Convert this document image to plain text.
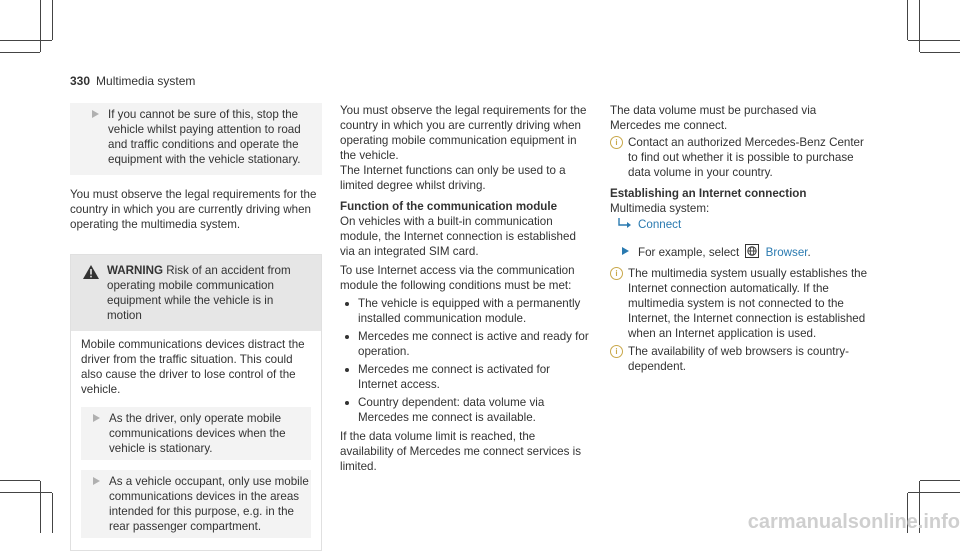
330 Multimedia system

If you cannot be sure of this, stop the vehicle whilst paying attention to road and traffic conditions and operate the equipment with the vehicle stationary.

You must observe the legal requirements for the country in which you are currently driving when operating the multimedia system.

WARNING Risk of an accident from operating mobile communication equipment while the vehicle is in motion

Mobile communications devices distract the driver from the traffic situation. This could also cause the driver to lose control of the vehicle.

As the driver, only operate mobile communications devices when the vehicle is stationary.

As a vehicle occupant, only use mobile communications devices in the areas intended for this purpose, e.g. in the rear passenger compartment.

You must observe the legal requirements for the country in which you are currently driving when operating mobile communication equipment in the vehicle.

The Internet functions can only be used to a limited degree whilst driving.

Function of the communication module

On vehicles with a built-in communication module, the Internet connection is established via an integrated SIM card.

To use Internet access via the communication module the following conditions must be met:

The vehicle is equipped with a permanently installed communication module.
Mercedes me connect is active and ready for operation.
Mercedes me connect is activated for Internet access.
Country dependent: data volume via Mercedes me connect is available.

If the data volume limit is reached, the availability of Mercedes me connect services is limited.

The data volume must be purchased via Mercedes me connect.

i Contact an authorized Mercedes-Benz Center to find out whether it is possible to purchase data volume in your country.

Establishing an Internet connection

Multimedia system:

Connect
For example, select Browser.
i The multimedia system usually establishes the Internet connection automatically. If the multimedia system is not connected to the Internet, the Internet connection is established when an Internet application is used.

i The availability of web browsers is country-dependent.

carmanualsonline.info
